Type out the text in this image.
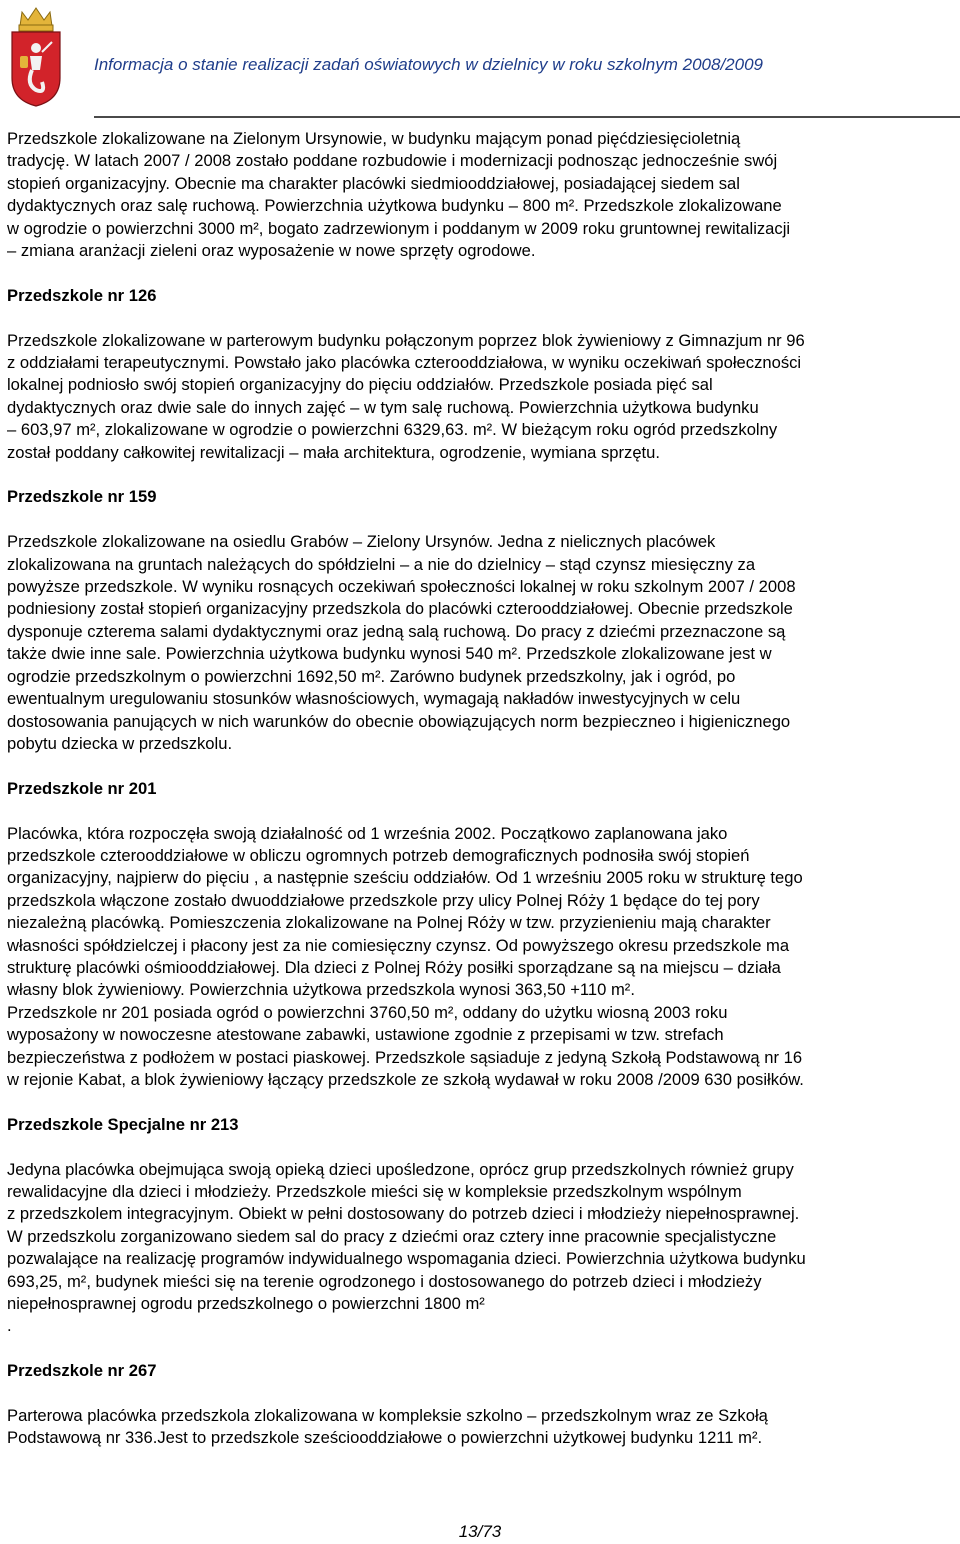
Informacja o stanie realizacji zadań oświatowych w dzielnicy w roku szkolnym 2008/2009

Przedszkole zlokalizowane na Zielonym Ursynowie, w budynku mającym ponad pięćdziesięcioletnią
tradycję. W latach 2007 / 2008 zostało poddane rozbudowie i modernizacji podnosząc jednocześnie swój
stopień organizacyjny. Obecnie ma charakter placówki siedmiooddziałowej, posiadającej siedem sal
dydaktycznych oraz salę ruchową. Powierzchnia użytkowa budynku – 800 m². Przedszkole zlokalizowane
w ogrodzie o powierzchni 3000 m², bogato zadrzewionym i poddanym w 2009 roku gruntownej rewitalizacji
– zmiana aranżacji zieleni oraz wyposażenie w nowe sprzęty ogrodowe.

Przedszkole nr 126

Przedszkole zlokalizowane w parterowym budynku połączonym poprzez blok żywieniowy z Gimnazjum nr 96
z oddziałami terapeutycznymi. Powstało jako placówka czterooddziałowa, w wyniku oczekiwań społeczności
lokalnej podniosło swój stopień organizacyjny do pięciu oddziałów. Przedszkole posiada pięć sal
dydaktycznych oraz dwie sale do innych zajęć – w tym salę ruchową. Powierzchnia użytkowa budynku
– 603,97 m², zlokalizowane w ogrodzie o powierzchni 6329,63. m². W bieżącym roku ogród przedszkolny
został poddany całkowitej rewitalizacji – mała architektura, ogrodzenie, wymiana sprzętu.

Przedszkole nr 159

Przedszkole zlokalizowane na osiedlu Grabów – Zielony Ursynów. Jedna z nielicznych placówek
zlokalizowana na gruntach należących do spółdzielni – a nie do dzielnicy – stąd czynsz miesięczny za
powyższe przedszkole. W wyniku rosnących oczekiwań społeczności lokalnej w roku szkolnym 2007 / 2008
podniesiony został stopień organizacyjny przedszkola do placówki czterooddziałowej. Obecnie przedszkole
dysponuje czterema salami dydaktycznymi oraz jedną salą ruchową. Do pracy z dziećmi przeznaczone są
także dwie inne sale. Powierzchnia użytkowa budynku wynosi 540 m². Przedszkole zlokalizowane jest w
ogrodzie przedszkolnym o powierzchni 1692,50 m². Zarówno budynek przedszkolny, jak i ogród, po
ewentualnym uregulowaniu stosunków własnościowych, wymagają nakładów inwestycyjnych w celu
dostosowania panujących w nich warunków do obecnie obowiązujących norm bezpieczneo i higienicznego
pobytu dziecka w przedszkolu.

Przedszkole nr 201

Placówka, która rozpoczęła swoją działalność od 1 września 2002. Początkowo zaplanowana jako
przedszkole czterooddziałowe w obliczu ogromnych potrzeb demograficznych podnosiła swój stopień
organizacyjny, najpierw do pięciu , a następnie sześciu oddziałów. Od 1 wrześniu 2005 roku w strukturę tego
przedszkola włączone zostało dwuoddziałowe przedszkole przy ulicy Polnej Róży 1 będące do tej pory
niezależną placówką. Pomieszczenia zlokalizowane na Polnej Róży w tzw. przyzienieniu mają charakter
własności spółdzielczej i płacony jest za nie comiesięczny czynsz. Od powyższego okresu przedszkole ma
strukturę placówki ośmiooddziałowej. Dla dzieci z Polnej Róży posiłki sporządzane są na miejscu – działa
własny blok żywieniowy. Powierzchnia użytkowa przedszkola wynosi 363,50 +110 m².
Przedszkole nr 201 posiada ogród o powierzchni 3760,50 m², oddany do użytku wiosną 2003 roku
wyposażony w nowoczesne atestowane zabawki, ustawione zgodnie z przepisami w tzw. strefach
bezpieczeństwa z podłożem w postaci piaskowej. Przedszkole sąsiaduje z jedyną Szkołą Podstawową nr 16
w rejonie Kabat, a blok żywieniowy łączący przedszkole ze szkołą wydawał w roku 2008 /2009 630 posiłków.

Przedszkole Specjalne nr 213

Jedyna placówka obejmująca swoją opieką dzieci upośledzone, oprócz grup przedszkolnych również grupy
rewalidacyjne dla dzieci i młodzieży. Przedszkole mieści się w kompleksie przedszkolnym wspólnym
z przedszkolem integracyjnym. Obiekt w pełni dostosowany do potrzeb dzieci i młodzieży niepełnosprawnej.
W przedszkolu zorganizowano siedem sal do pracy z dziećmi oraz cztery inne pracownie specjalistyczne
pozwalające na realizację programów indywidualnego wspomagania dzieci. Powierzchnia użytkowa budynku
693,25, m², budynek mieści się na terenie ogrodzonego i dostosowanego do potrzeb dzieci i młodzieży
niepełnosprawnej ogrodu przedszkolnego o powierzchni 1800 m²
.

Przedszkole nr 267

Parterowa placówka przedszkola zlokalizowana w kompleksie szkolno – przedszkolnym wraz ze Szkołą
Podstawową nr 336.Jest to przedszkole sześciooddziałowe o powierzchni użytkowej budynku 1211 m².

13/73
